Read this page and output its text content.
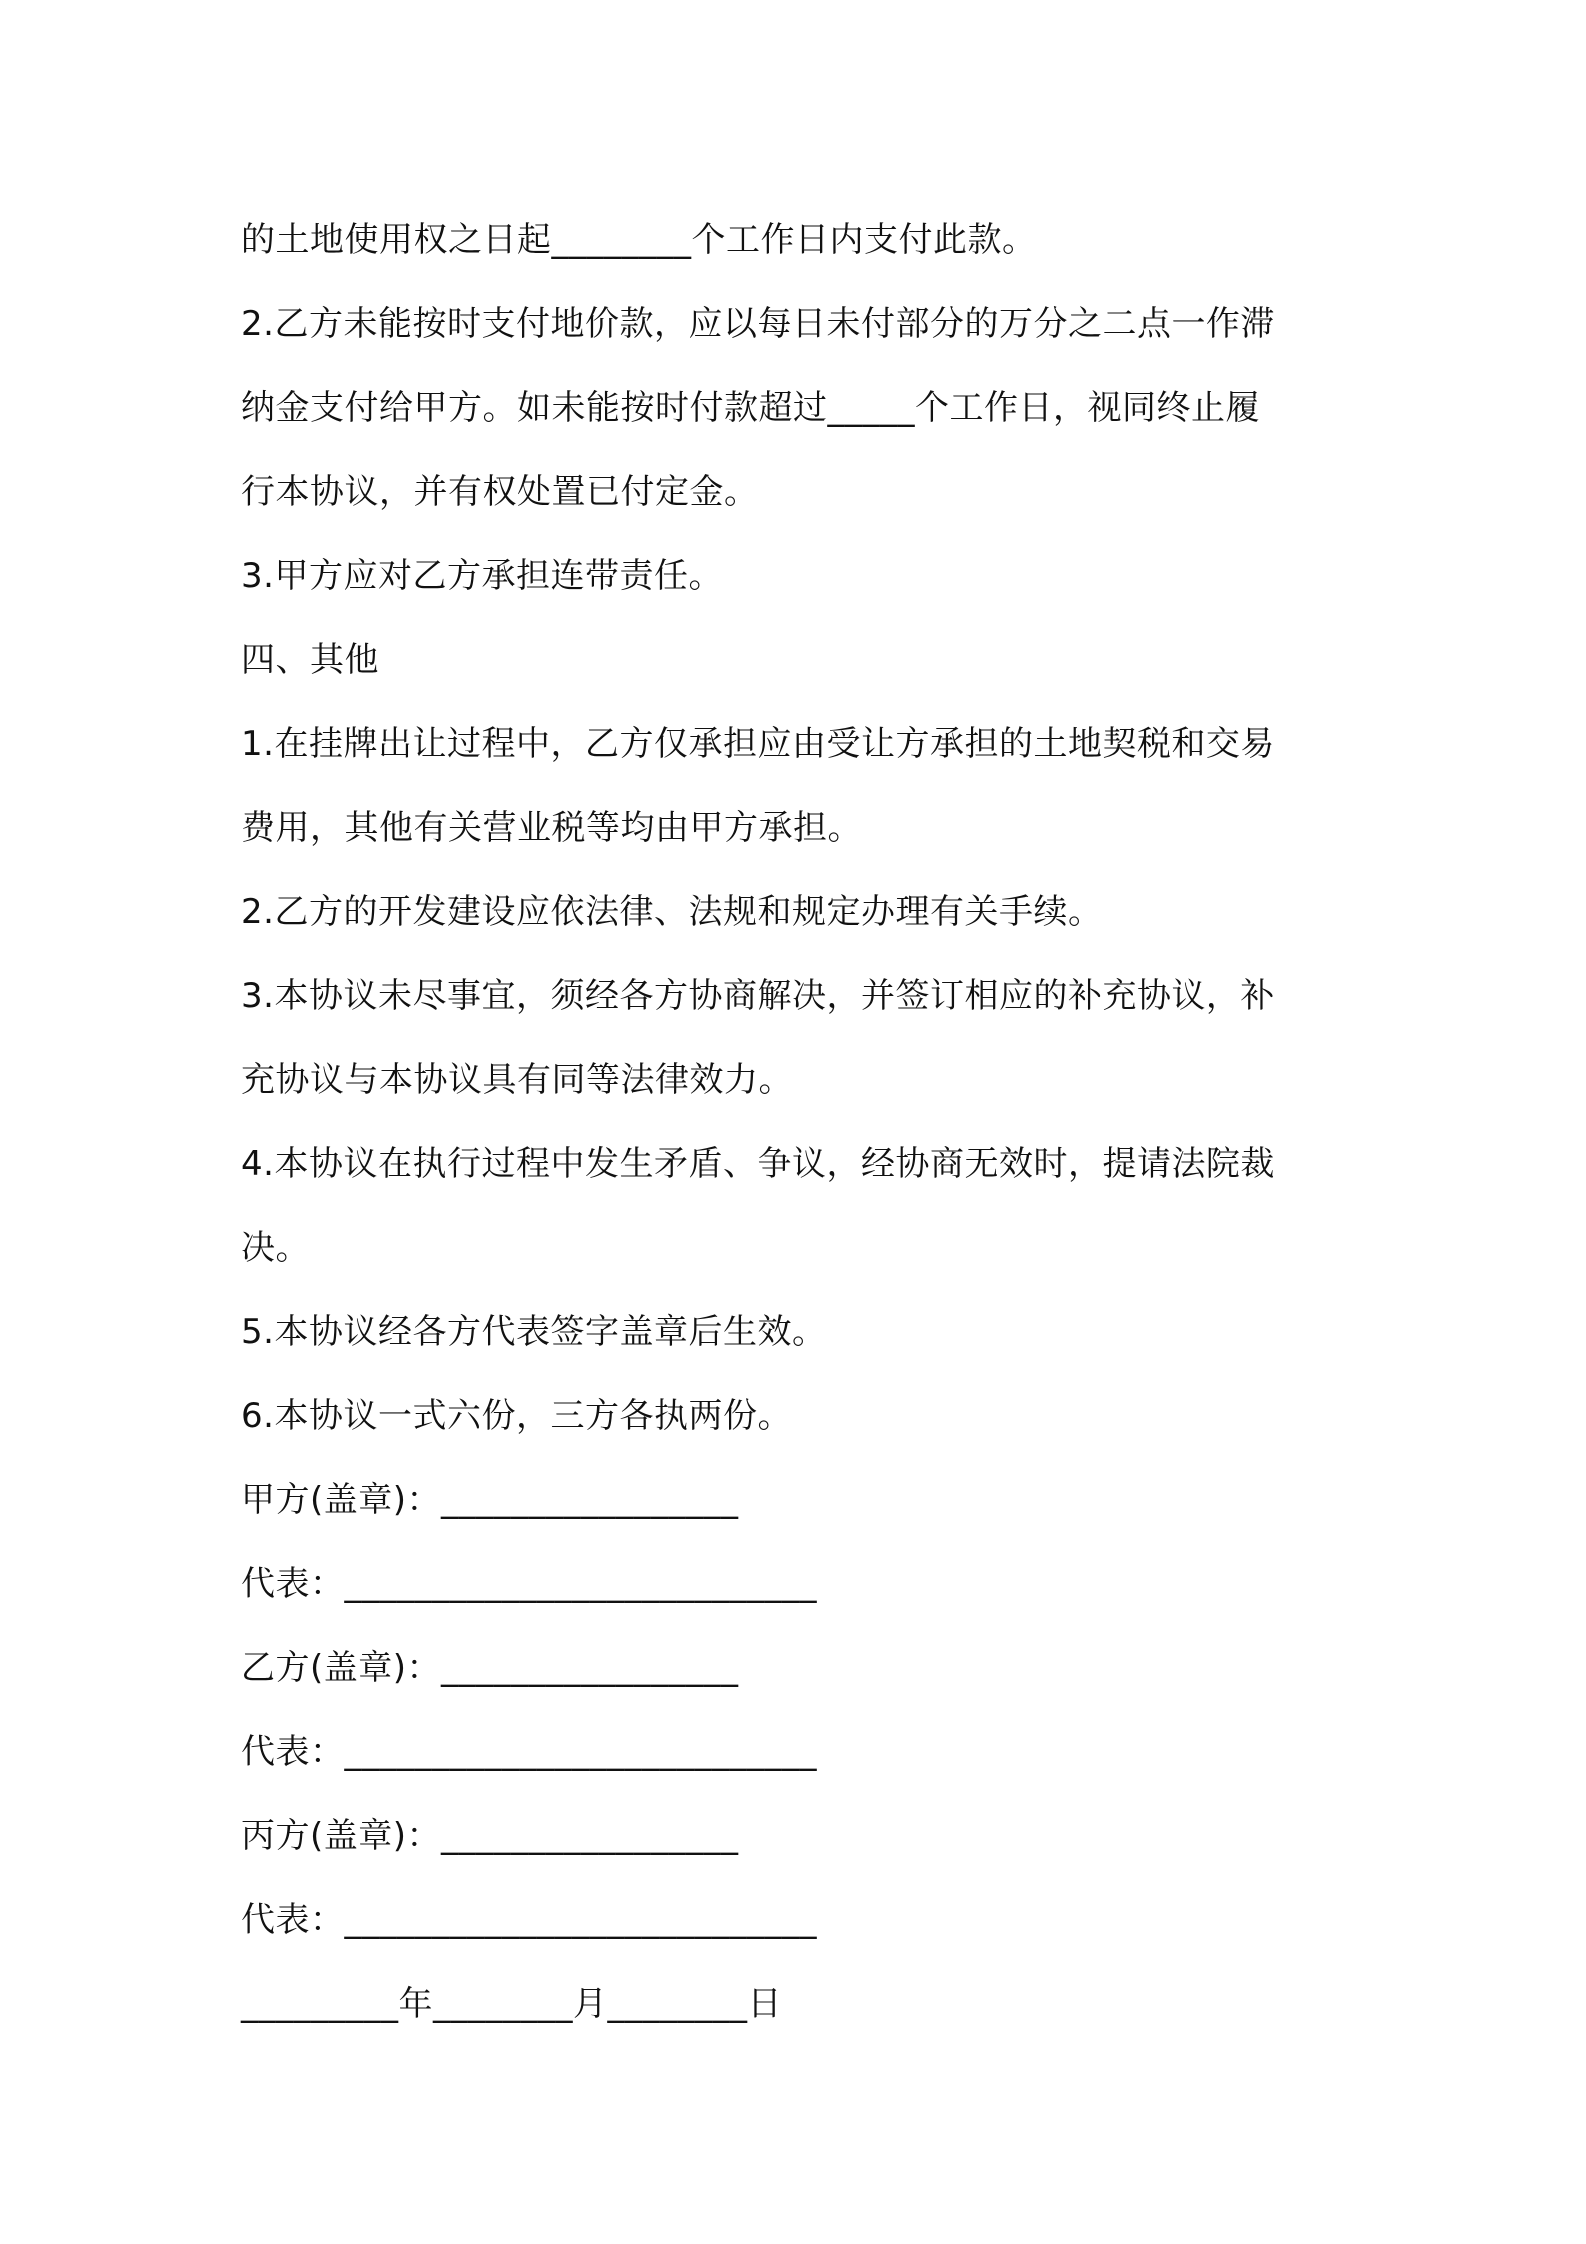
的土地使用权之日起________个工作日内支付此款。
2.乙方未能按时支付地价款，应以每日未付部分的万分之二点一作滞
纳金支付给甲方。如未能按时付款超过_____个工作日，视同终止履
行本协议，并有权处置已付定金。
3.甲方应对乙方承担连带责任。
四、其他
1.在挂牌出让过程中，乙方仅承担应由受让方承担的土地契税和交易
费用，其他有关营业税等均由甲方承担。
2.乙方的开发建设应依法律、法规和规定办理有关手续。
3.本协议未尽事宜，须经各方协商解决，并签订相应的补充协议，补
充协议与本协议具有同等法律效力。
4.本协议在执行过程中发生矛盾、争议，经协商无效时，提请法院裁
决。
5.本协议经各方代表签字盖章后生效。
6.本协议一式六份，三方各执两份。
甲方(盖章)：_________________
代表：___________________________
乙方(盖章)：_________________
代表：___________________________
丙方(盖章)：_________________
代表：___________________________
_________年________月________日
